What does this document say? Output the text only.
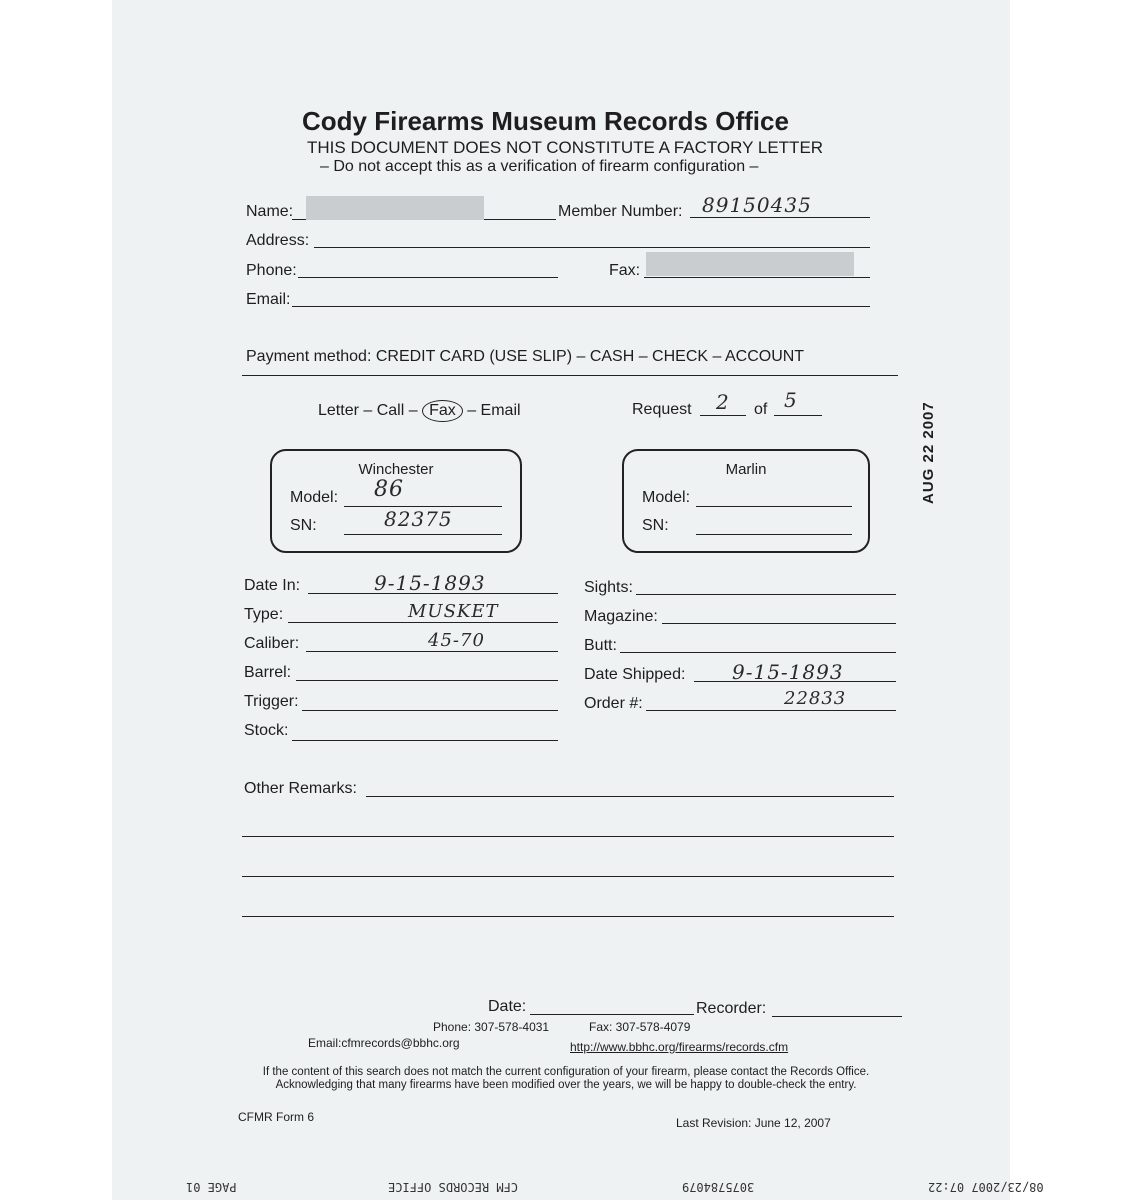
Cody Firearms Museum Records Office
THIS DOCUMENT DOES NOT CONSTITUTE A FACTORY LETTER
– Do not accept this as a verification of firearm configuration –
Name:	Member Number: 89150435
Address:
Phone:	Fax:
Email:
Payment method: CREDIT CARD (USE SLIP) – CASH – CHECK – ACCOUNT
Letter – Call – Fax – Email	Request 2 of 5
AUG 22 2007
Winchester
Model: 86
SN:	82375
Marlin
Model:
SN:
Date In:	9-15-1893
Type:	MUSKET
Caliber:	45-70
Barrel:
Trigger:
Stock:
Sights:
Magazine:
Butt:
Date Shipped: 9-15-1893
Order #:	22833
Other Remarks:
Date:	Recorder:
Phone: 307-578-4031	Fax: 307-578-4079
Email:cfmrecords@bbhc.org	http://www.bbhc.org/firearms/records.cfm
If the content of this search does not match the current configuration of your firearm, please contact the Records Office. Acknowledging that many firearms have been modified over the years, we will be happy to double-check the entry.
CFMR Form 6	Last Revision: June 12, 2007
08/23/2007 07:22
3075784079
CFM RECORDS OFFICE
PAGE 01
